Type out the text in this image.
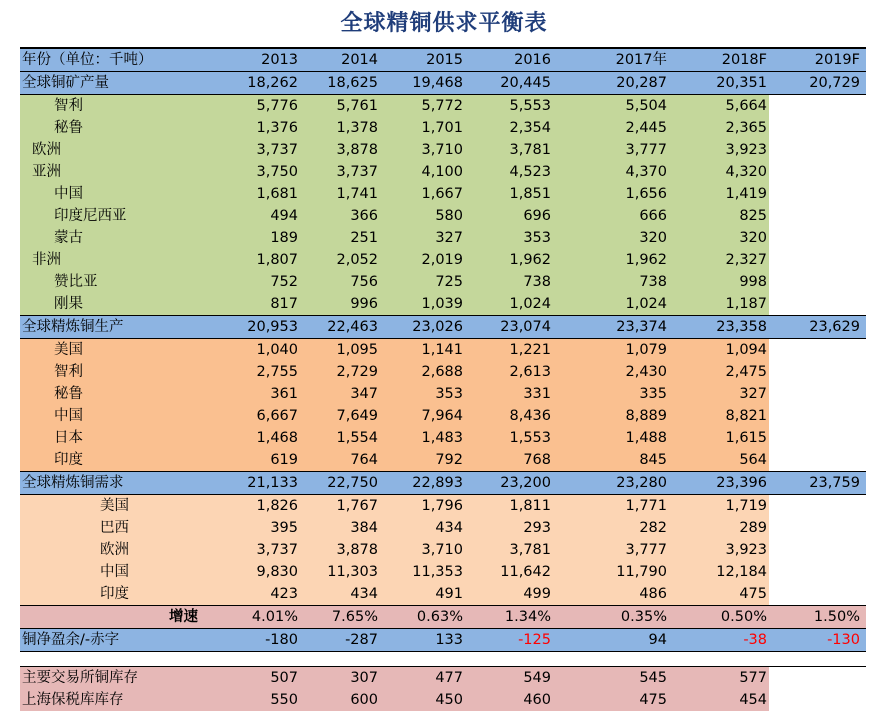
全球精铜供求平衡表
年份（单位：千吨）	2013	2014	2015	2016	2017年	2018F	2019F
全球铜矿产量	18,262	18,625	19,468	20,445	20,287	20,351	20,729
智利	5,776	5,761	5,772	5,553	5,504	5,664	
秘鲁	1,376	1,378	1,701	2,354	2,445	2,365	
欧洲	3,737	3,878	3,710	3,781	3,777	3,923	
亚洲	3,750	3,737	4,100	4,523	4,370	4,320	
中国	1,681	1,741	1,667	1,851	1,656	1,419	
印度尼西亚	494	366	580	696	666	825	
蒙古	189	251	327	353	320	320	
非洲	1,807	2,052	2,019	1,962	1,962	2,327	
赞比亚	752	756	725	738	738	998	
刚果	817	996	1,039	1,024	1,024	1,187	
全球精炼铜生产	20,953	22,463	23,026	23,074	23,374	23,358	23,629
美国	1,040	1,095	1,141	1,221	1,079	1,094	
智利	2,755	2,729	2,688	2,613	2,430	2,475	
秘鲁	361	347	353	331	335	327	
中国	6,667	7,649	7,964	8,436	8,889	8,821	
日本	1,468	1,554	1,483	1,553	1,488	1,615	
印度	619	764	792	768	845	564	
全球精炼铜需求	21,133	22,750	22,893	23,200	23,280	23,396	23,759
美国	1,826	1,767	1,796	1,811	1,771	1,719	
巴西	395	384	434	293	282	289	
欧洲	3,737	3,878	3,710	3,781	3,777	3,923	
中国	9,830	11,303	11,353	11,642	11,790	12,184	
印度	423	434	491	499	486	475	
增速	4.01%	7.65%	0.63%	1.34%	0.35%	0.50%	1.50%
铜净盈余/-赤字	-180	-287	133	-125	94	-38	-130

主要交易所铜库存	507	307	477	549	545	577	
上海保税库库存	550	600	450	460	475	454	
